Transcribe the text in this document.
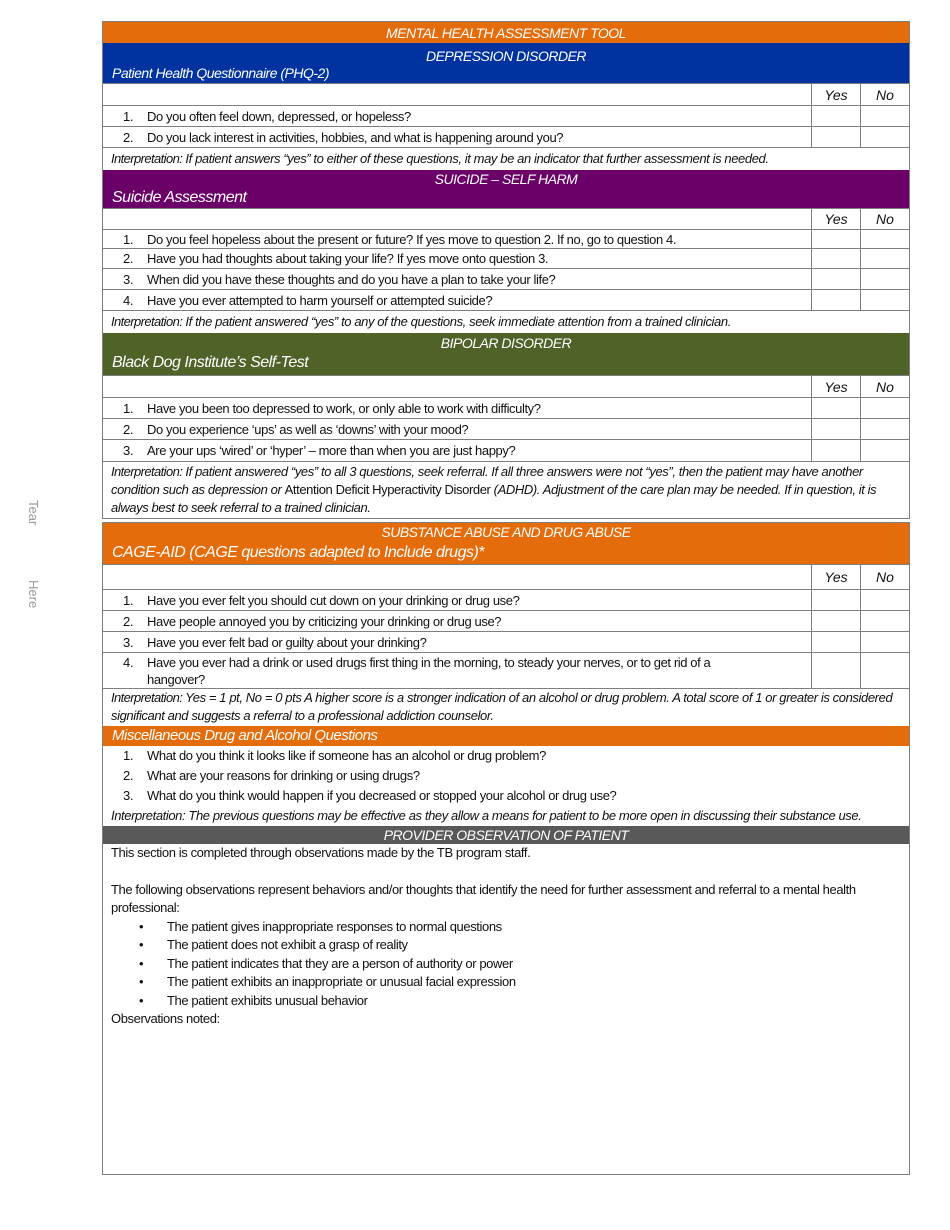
Tear
Here
MENTAL HEALTH ASSESSMENT TOOL
DEPRESSION DISORDER
Patient Health Questionnaire (PHQ-2)
	Yes	No
1. Do you often feel down, depressed, or hopeless?		
2. Do you lack interest in activities, hobbies, and what is happening around you?		
Interpretation: If patient answers “yes” to either of these questions, it may be an indicator that further assessment is needed.
SUICIDE – SELF HARM
Suicide Assessment
	Yes	No
1. Do you feel hopeless about the present or future? If yes move to question 2. If no, go to question 4.		
2. Have you had thoughts about taking your life? If yes move onto question 3.		
3. When did you have these thoughts and do you have a plan to take your life?		
4. Have you ever attempted to harm yourself or attempted suicide?		
Interpretation: If the patient answered “yes” to any of the questions, seek immediate attention from a trained clinician.
BIPOLAR DISORDER
Black Dog Institute’s Self-Test
	Yes	No
1. Have you been too depressed to work, or only able to work with difficulty?		
2. Do you experience ‘ups’ as well as ‘downs’ with your mood?		
3. Are your ups ‘wired’ or ‘hyper’ – more than when you are just happy?		
Interpretation: If patient answered “yes” to all 3 questions, seek referral. If all three answers were not “yes”, then the patient may have another condition such as depression or Attention Deficit Hyperactivity Disorder (ADHD). Adjustment of the care plan may be needed. If in question, it is always best to seek referral to a trained clinician.
SUBSTANCE ABUSE AND DRUG ABUSE
CAGE-AID (CAGE questions adapted to Include drugs)*
	Yes	No
1. Have you ever felt you should cut down on your drinking or drug use?		
2. Have people annoyed you by criticizing your drinking or drug use?		
3. Have you ever felt bad or guilty about your drinking?		

4. Have you ever had a drink or used drugs first thing in the morning, to steady your nerves, or to get rid of a hangover?		

Interpretation: Yes = 1 pt, No = 0 pts A higher score is a stronger indication of an alcohol or drug problem. A total score of 1 or greater is considered significant and suggests a referral to a professional addiction counselor.
Miscellaneous Drug and Alcohol Questions
1. What do you think it looks like if someone has an alcohol or drug problem?
2. What are your reasons for drinking or using drugs?
3. What do you think would happen if you decreased or stopped your alcohol or drug use?
Interpretation: The previous questions may be effective as they allow a means for patient to be more open in discussing their substance use.
PROVIDER OBSERVATION OF PATIENT
This section is completed through observations made by the TB program staff.
The following observations represent behaviors and/or thoughts that identify the need for further assessment and referral to a mental health professional:
• The patient gives inappropriate responses to normal questions
• The patient does not exhibit a grasp of reality
• The patient indicates that they are a person of authority or power
• The patient exhibits an inappropriate or unusual facial expression
• The patient exhibits unusual behavior
Observations noted:
